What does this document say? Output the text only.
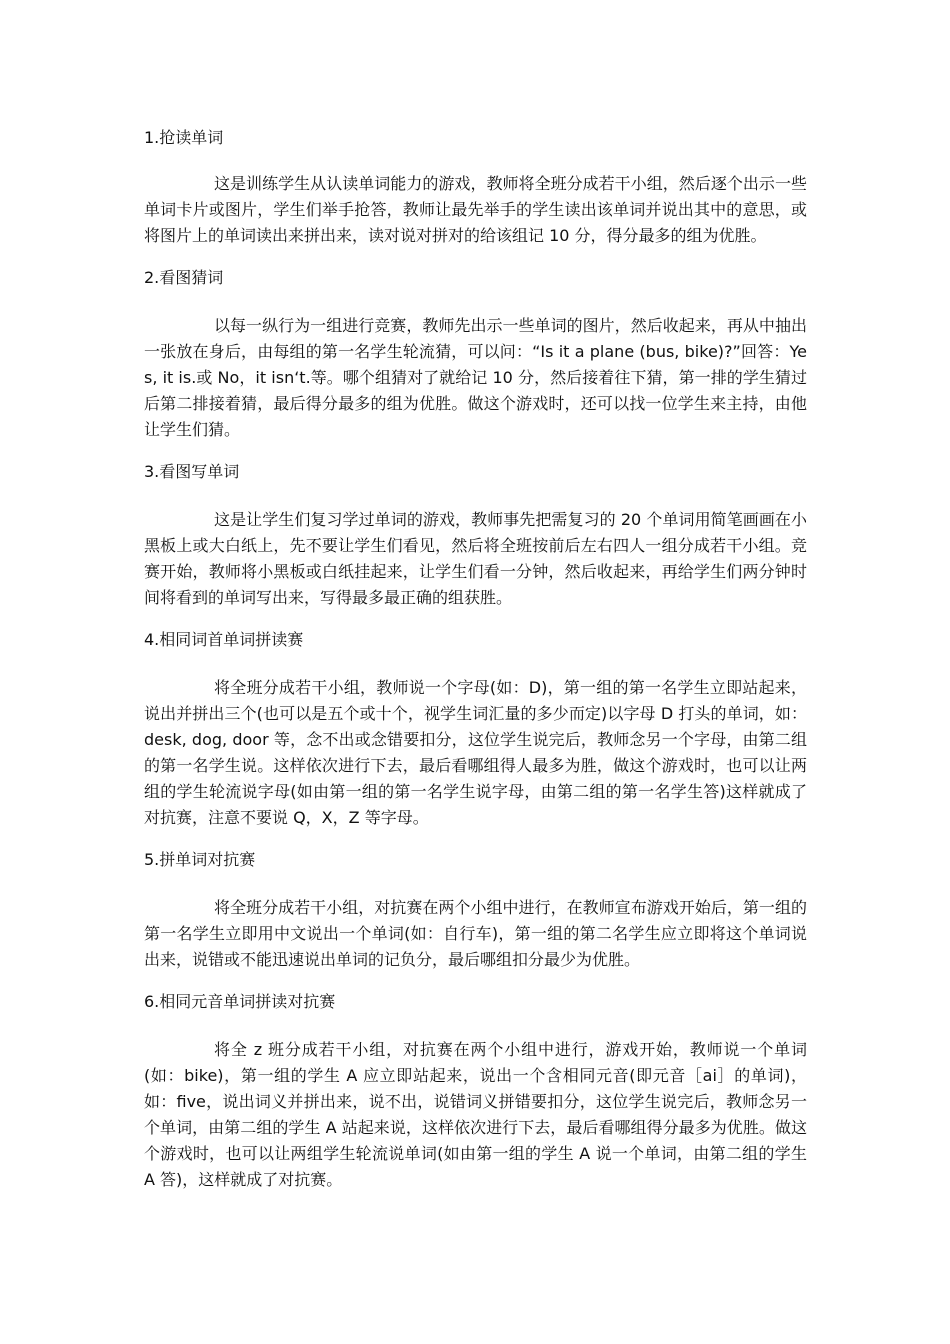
1.抢读单词

这是训练学生从认读单词能力的游戏，教师将全班分成若干小组，然后逐个出示一些单词卡片或图片，学生们举手抢答，教师让最先举手的学生读出该单词并说出其中的意思，或将图片上的单词读出来拼出来，读对说对拼对的给该组记 10 分，得分最多的组为优胜。

2.看图猜词

以每一纵行为一组进行竞赛，教师先出示一些单词的图片，然后收起来，再从中抽出一张放在身后，由每组的第一名学生轮流猜，可以问：“Is it a plane (bus, bike)?”回答：Yes, it is.或 No，it isn‘t.等。哪个组猜对了就给记 10 分，然后接着往下猜，第一排的学生猜过后第二排接着猜，最后得分最多的组为优胜。做这个游戏时，还可以找一位学生来主持，由他让学生们猜。

3.看图写单词

这是让学生们复习学过单词的游戏，教师事先把需复习的 20 个单词用简笔画画在小黑板上或大白纸上，先不要让学生们看见，然后将全班按前后左右四人一组分成若干小组。竞赛开始，教师将小黑板或白纸挂起来，让学生们看一分钟，然后收起来，再给学生们两分钟时间将看到的单词写出来，写得最多最正确的组获胜。

4.相同词首单词拼读赛

将全班分成若干小组，教师说一个字母(如：D)，第一组的第一名学生立即站起来，说出并拼出三个(也可以是五个或十个，视学生词汇量的多少而定)以字母 D 打头的单词，如：desk, dog, door 等，念不出或念错要扣分，这位学生说完后，教师念另一个字母，由第二组的第一名学生说。这样依次进行下去，最后看哪组得人最多为胜，做这个游戏时，也可以让两组的学生轮流说字母(如由第一组的第一名学生说字母，由第二组的第一名学生答)这样就成了对抗赛，注意不要说 Q，X，Z 等字母。

5.拼单词对抗赛

将全班分成若干小组，对抗赛在两个小组中进行，在教师宣布游戏开始后，第一组的第一名学生立即用中文说出一个单词(如：自行车)，第一组的第二名学生应立即将这个单词说出来，说错或不能迅速说出单词的记负分，最后哪组扣分最少为优胜。

6.相同元音单词拼读对抗赛

将全 z 班分成若干小组，对抗赛在两个小组中进行，游戏开始，教师说一个单词(如：bike)，第一组的学生 A 应立即站起来，说出一个含相同元音(即元音［ai］的单词)，如：five，说出词义并拼出来，说不出，说错词义拼错要扣分，这位学生说完后，教师念另一个单词，由第二组的学生 A 站起来说，这样依次进行下去，最后看哪组得分最多为优胜。做这个游戏时，也可以让两组学生轮流说单词(如由第一组的学生 A 说一个单词，由第二组的学生 A 答)，这样就成了对抗赛。
